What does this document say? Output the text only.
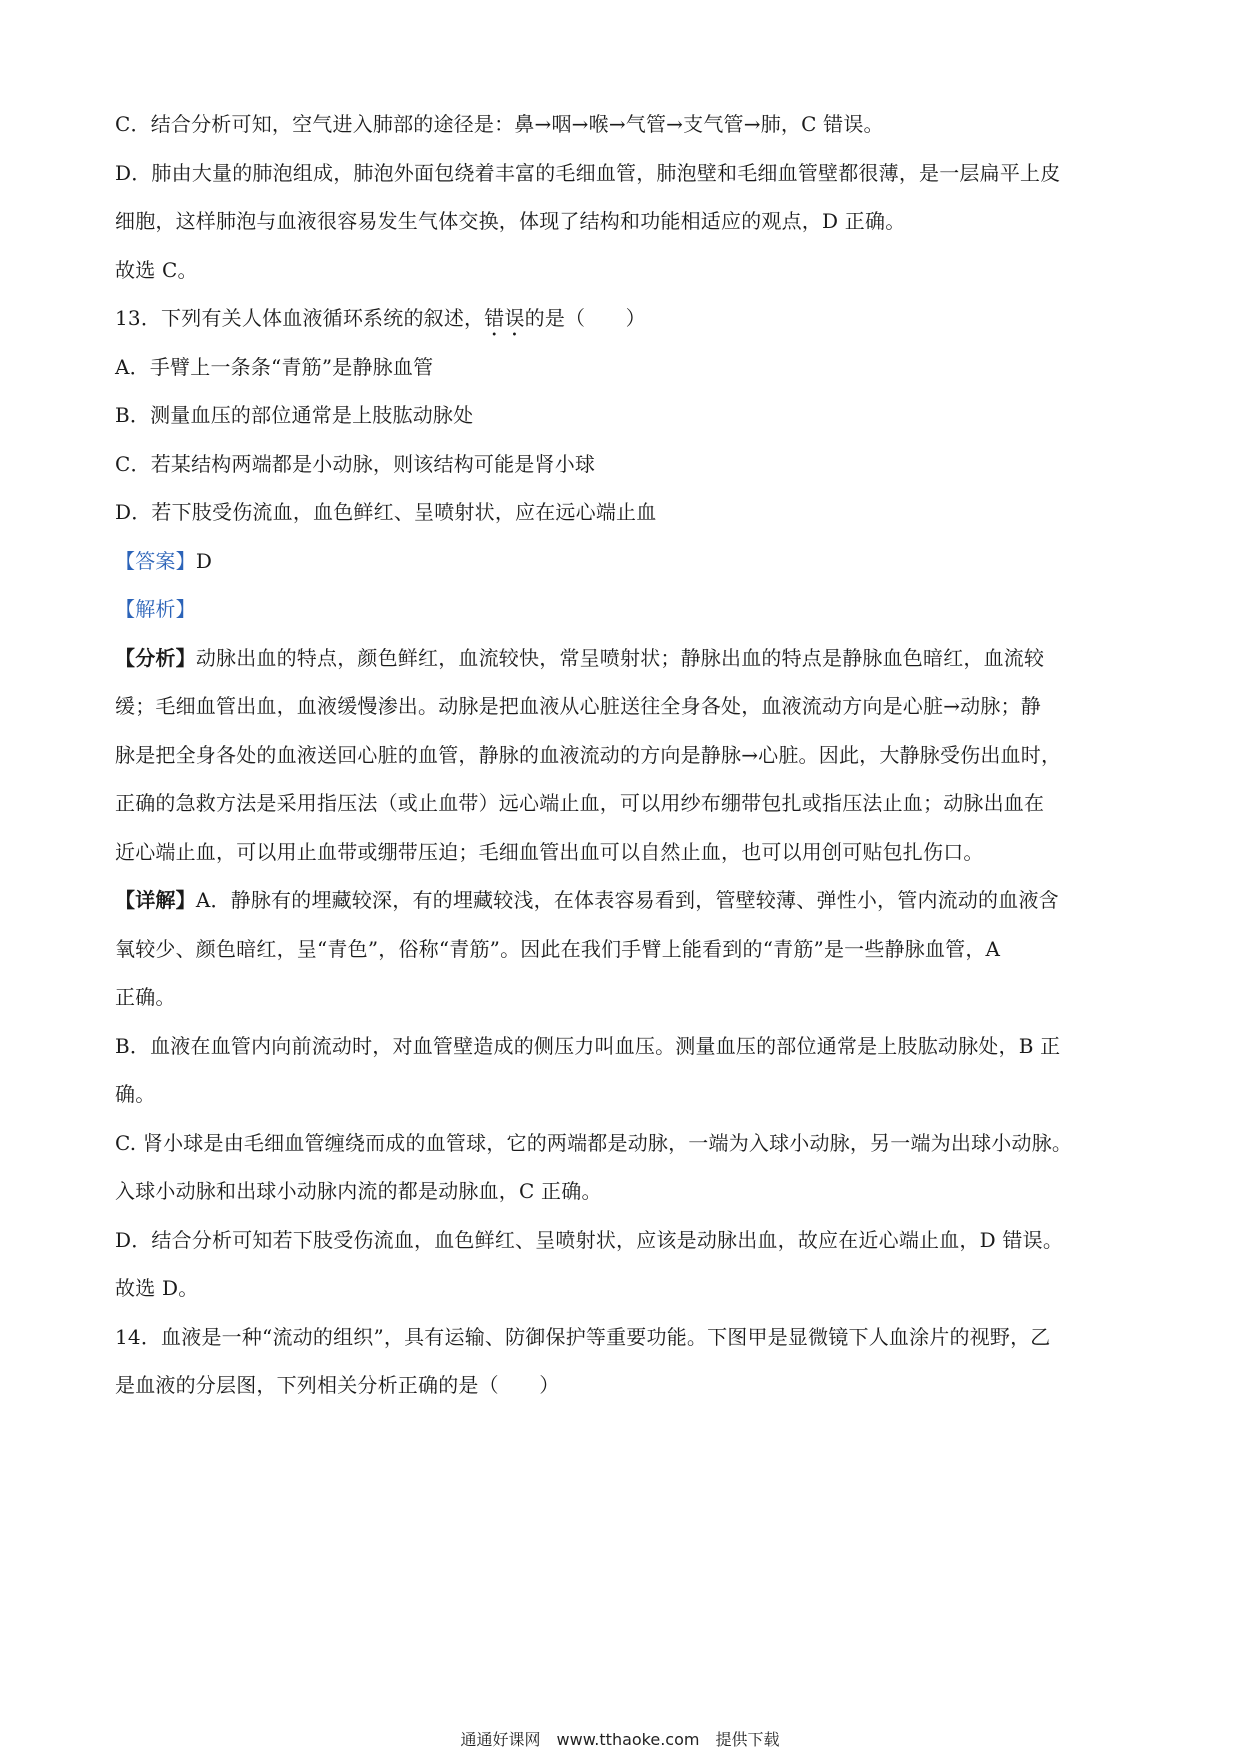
C．结合分析可知，空气进入肺部的途径是：鼻→咽→喉→气管→支气管→肺，C 错误。
D．肺由大量的肺泡组成，肺泡外面包绕着丰富的毛细血管，肺泡壁和毛细血管壁都很薄，是一层扁平上皮
细胞，这样肺泡与血液很容易发生气体交换，体现了结构和功能相适应的观点，D 正确。
故选 C。
13．下列有关人体血液循环系统的叙述，错误的是（　　）
A．手臂上一条条“青筋”是静脉血管
B．测量血压的部位通常是上肢肱动脉处
C．若某结构两端都是小动脉，则该结构可能是肾小球
D．若下肢受伤流血，血色鲜红、呈喷射状，应在远心端止血
【答案】D
【解析】
【分析】动脉出血的特点，颜色鲜红，血流较快，常呈喷射状；静脉出血的特点是静脉血色暗红，血流较
缓；毛细血管出血，血液缓慢渗出。动脉是把血液从心脏送往全身各处，血液流动方向是心脏→动脉；静
脉是把全身各处的血液送回心脏的血管，静脉的血液流动的方向是静脉→心脏。因此，大静脉受伤出血时，
正确的急救方法是采用指压法（或止血带）远心端止血，可以用纱布绷带包扎或指压法止血；动脉出血在
近心端止血，可以用止血带或绷带压迫；毛细血管出血可以自然止血，也可以用创可贴包扎伤口。
【详解】A．静脉有的埋藏较深，有的埋藏较浅，在体表容易看到，管壁较薄、弹性小，管内流动的血液含
氧较少、颜色暗红，呈“青色”，俗称“青筋”。因此在我们手臂上能看到的“青筋”是一些静脉血管，A
正确。
B．血液在血管内向前流动时，对血管壁造成的侧压力叫血压。测量血压的部位通常是上肢肱动脉处，B 正
确。
C. 肾小球是由毛细血管缠绕而成的血管球，它的两端都是动脉，一端为入球小动脉，另一端为出球小动脉。
入球小动脉和出球小动脉内流的都是动脉血，C 正确。
D．结合分析可知若下肢受伤流血，血色鲜红、呈喷射状，应该是动脉出血，故应在近心端止血，D 错误。
故选 D。
14．血液是一种“流动的组织”，具有运输、防御保护等重要功能。下图甲是显微镜下人血涂片的视野，乙
是血液的分层图，下列相关分析正确的是（　　）
通通好课网　www.tthaoke.com　提供下载
